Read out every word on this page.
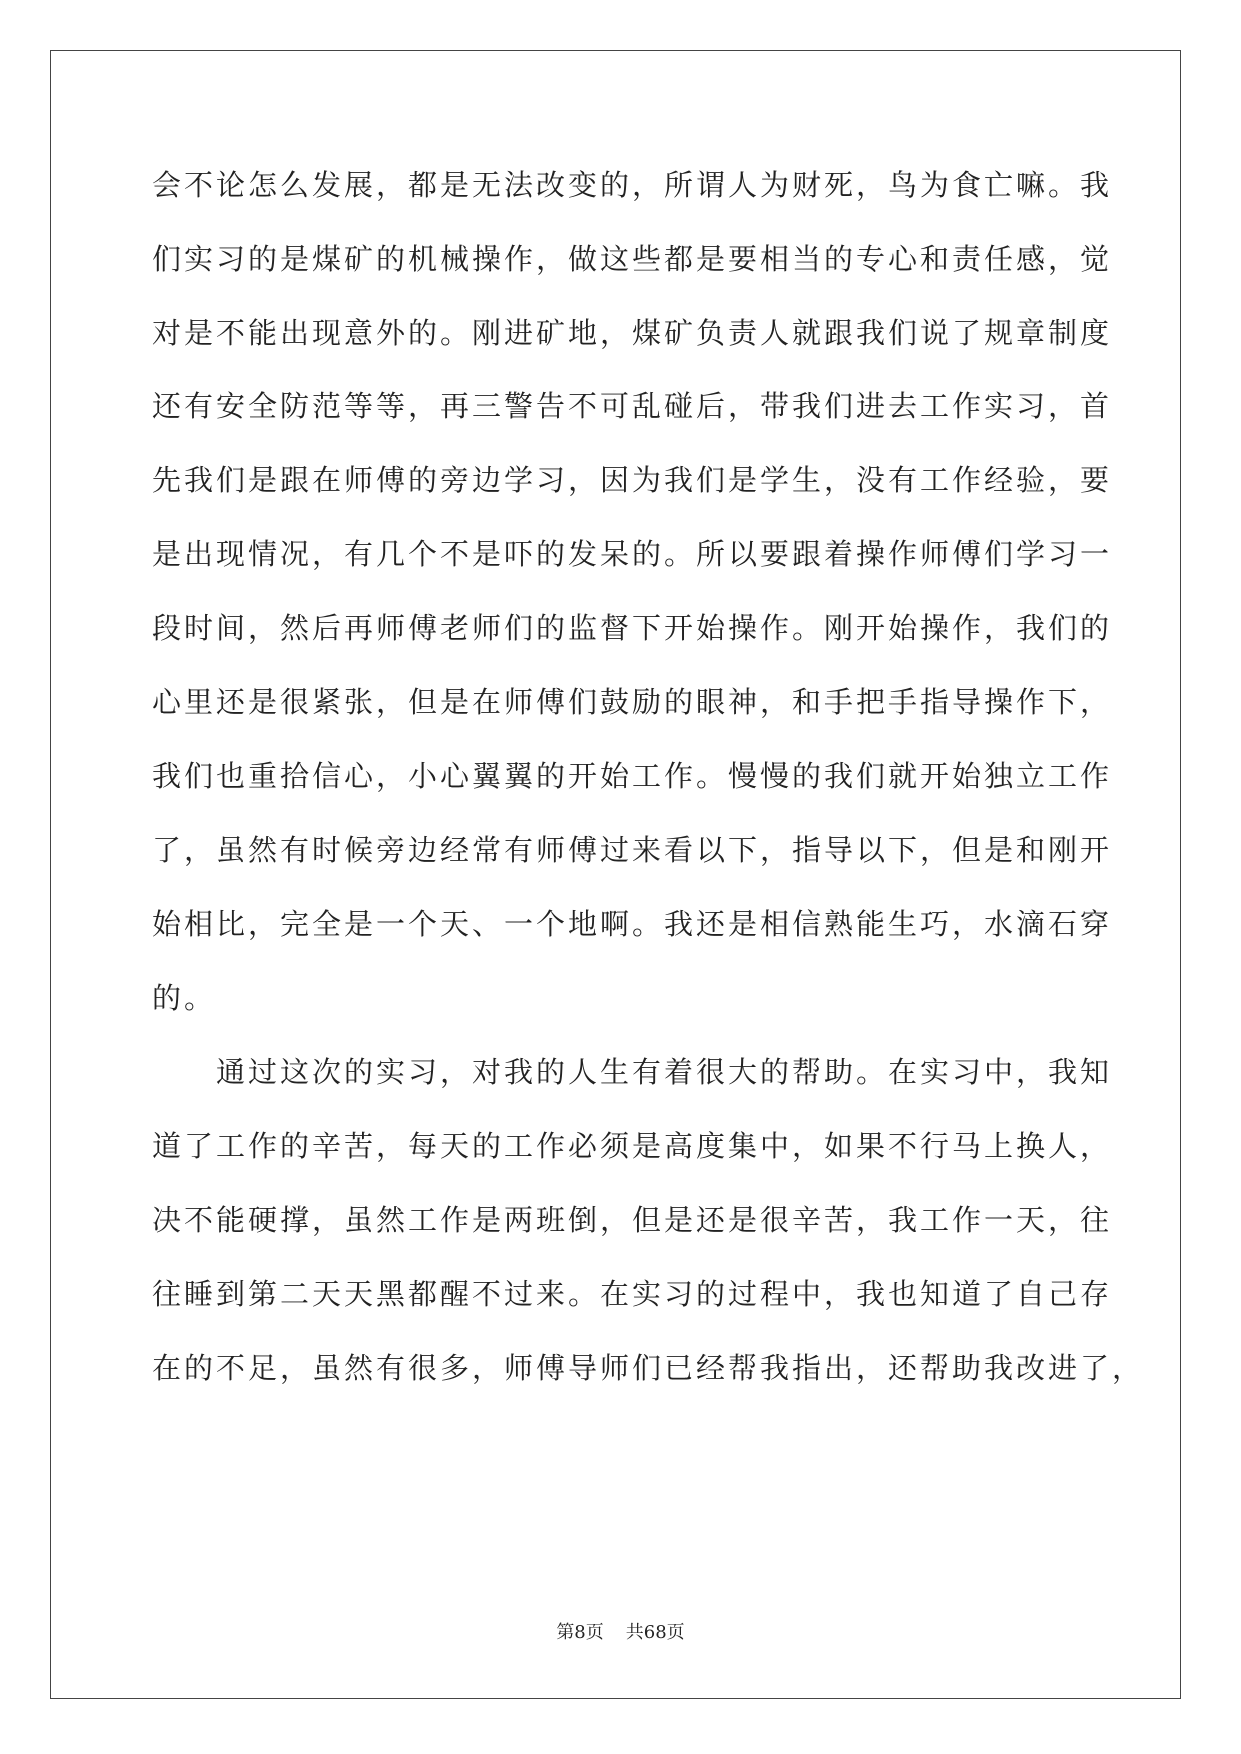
会不论怎么发展，都是无法改变的，所谓人为财死，鸟为食亡嘛。我
们实习的是煤矿的机械操作，做这些都是要相当的专心和责任感，觉
对是不能出现意外的。刚进矿地，煤矿负责人就跟我们说了规章制度
还有安全防范等等，再三警告不可乱碰后，带我们进去工作实习，首
先我们是跟在师傅的旁边学习，因为我们是学生，没有工作经验，要
是出现情况，有几个不是吓的发呆的。所以要跟着操作师傅们学习一
段时间，然后再师傅老师们的监督下开始操作。刚开始操作，我们的
心里还是很紧张，但是在师傅们鼓励的眼神，和手把手指导操作下，
我们也重拾信心，小心翼翼的开始工作。慢慢的我们就开始独立工作
了，虽然有时候旁边经常有师傅过来看以下，指导以下，但是和刚开
始相比，完全是一个天、一个地啊。我还是相信熟能生巧，水滴石穿
的。
　　通过这次的实习，对我的人生有着很大的帮助。在实习中，我知
道了工作的辛苦，每天的工作必须是高度集中，如果不行马上换人，
决不能硬撑，虽然工作是两班倒，但是还是很辛苦，我工作一天，往
往睡到第二天天黑都醒不过来。在实习的过程中，我也知道了自己存
在的不足，虽然有很多，师傅导师们已经帮我指出，还帮助我改进了，
第8页 共68页
